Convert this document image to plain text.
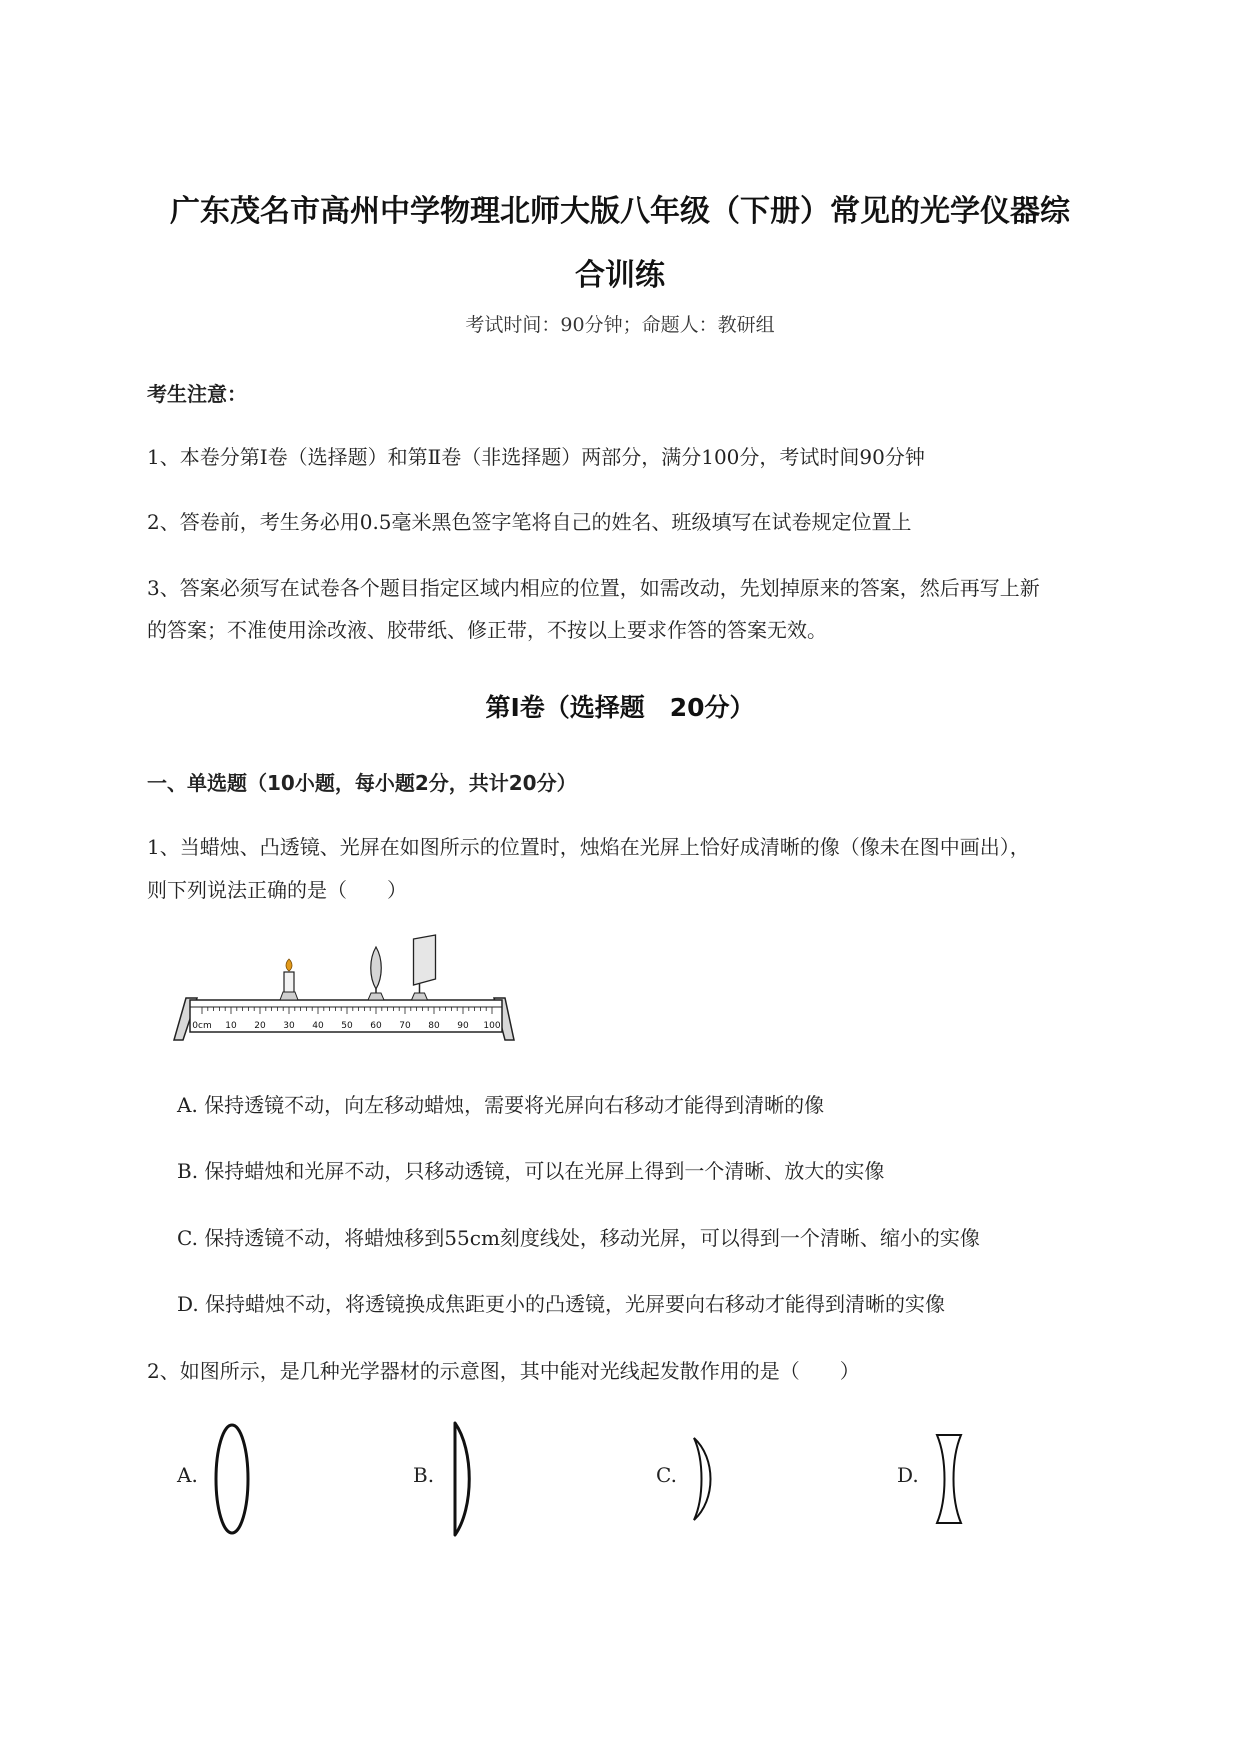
广东茂名市高州中学物理北师大版八年级（下册）常见的光学仪器综
合训练
考试时间：90分钟；命题人：教研组
考生注意：
1、本卷分第Ⅰ卷（选择题）和第Ⅱ卷（非选择题）两部分，满分100分，考试时间90分钟
2、答卷前，考生务必用0.5毫米黑色签字笔将自己的姓名、班级填写在试卷规定位置上
3、答案必须写在试卷各个题目指定区域内相应的位置，如需改动，先划掉原来的答案，然后再写上新
的答案；不准使用涂改液、胶带纸、修正带，不按以上要求作答的答案无效。
第Ⅰ卷（选择题　20分）
一、单选题（10小题，每小题2分，共计20分）
1、当蜡烛、凸透镜、光屏在如图所示的位置时，烛焰在光屏上恰好成清晰的像（像未在图中画出），
则下列说法正确的是（　　）
0cm 10 20 30 40 50 60 70 80 90 100
A. 保持透镜不动，向左移动蜡烛，需要将光屏向右移动才能得到清晰的像
B. 保持蜡烛和光屏不动，只移动透镜，可以在光屏上得到一个清晰、放大的实像
C. 保持透镜不动，将蜡烛移到55cm刻度线处，移动光屏，可以得到一个清晰、缩小的实像
D. 保持蜡烛不动，将透镜换成焦距更小的凸透镜，光屏要向右移动才能得到清晰的实像
2、如图所示，是几种光学器材的示意图，其中能对光线起发散作用的是（　　）
A.	B.	C.	D.
